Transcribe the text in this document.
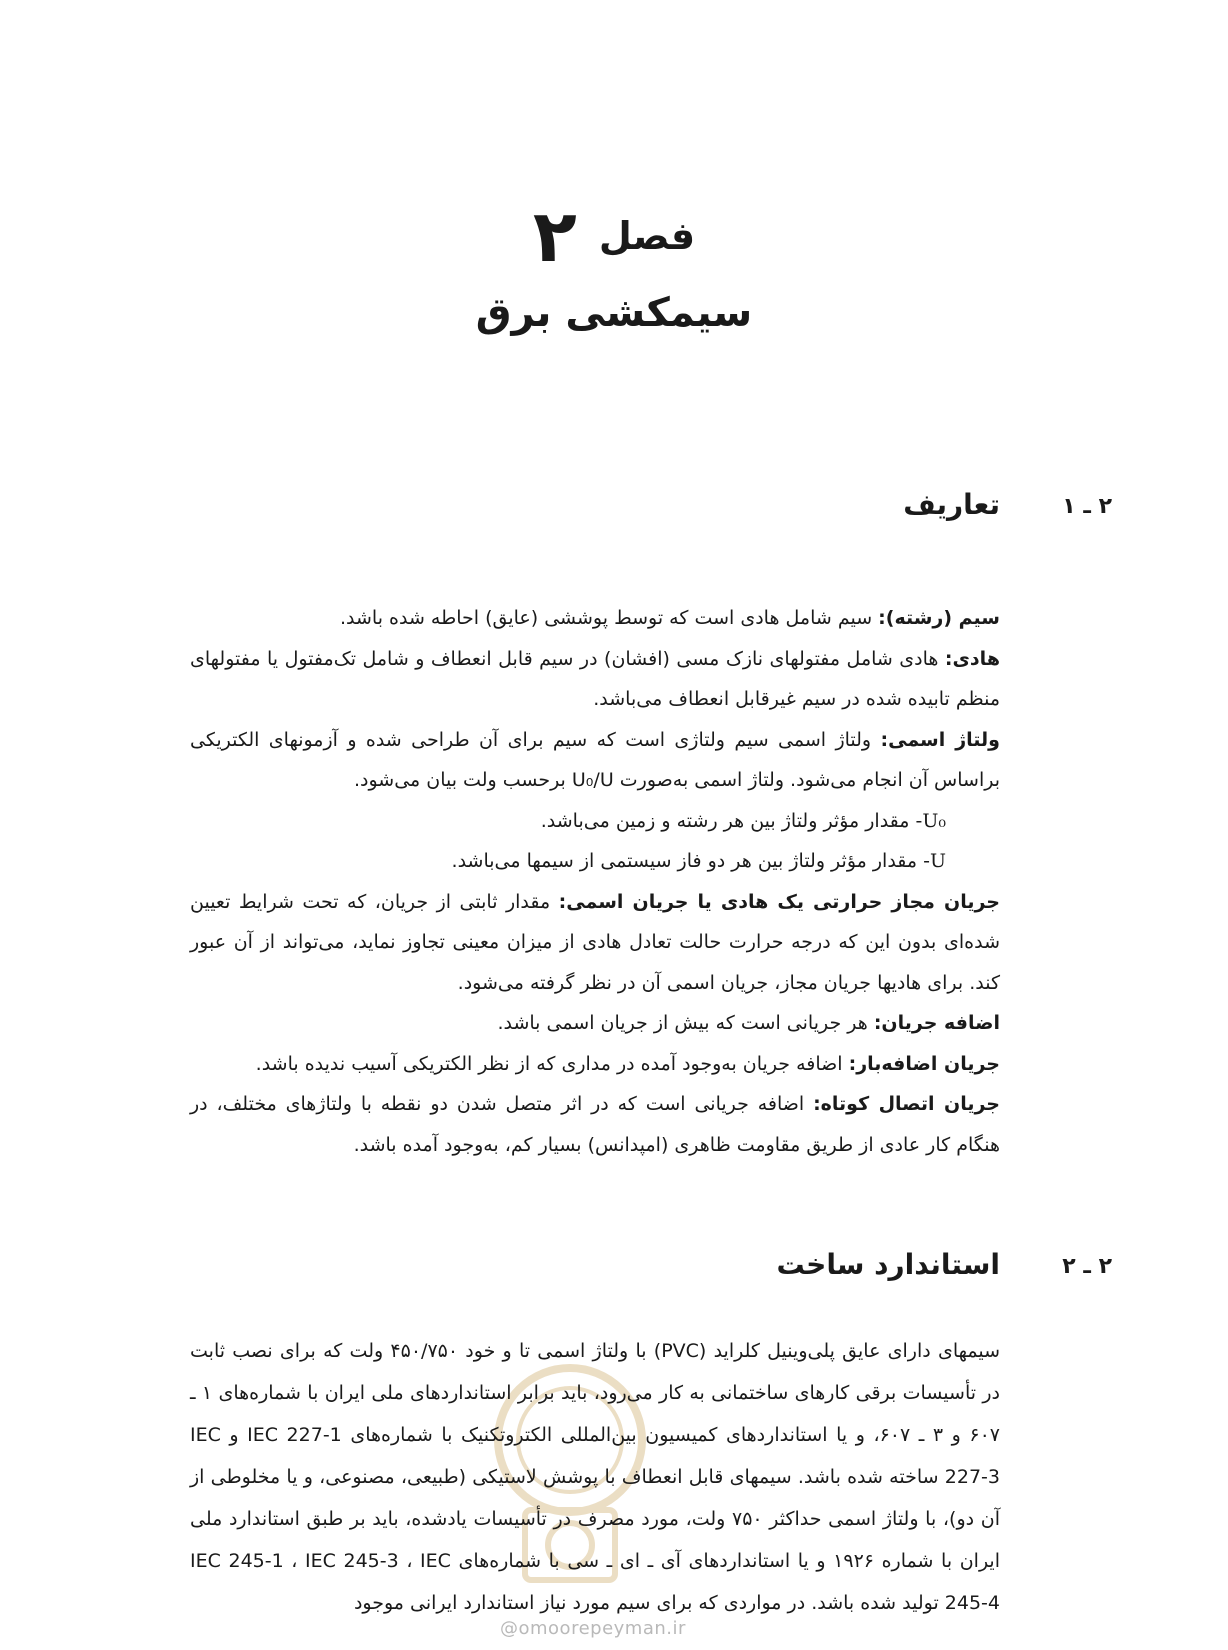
فصل
۲
سیمکشی برق
۲ ـ ۱
تعاریف

سیم (رشته): سیم شامل هادی است که توسط پوششی (عایق) احاطه شده باشد.

هادی: هادی شامل مفتولهای نازک مسی (افشان) در سیم قابل انعطاف و شامل تک‌مفتول یا مفتولهای منظم تابیده شده در سیم غیرقابل انعطاف می‌باشد.

ولتاژ اسمی: ولتاژ اسمی سیم ولتاژی است که سیم برای آن طراحی شده و آزمونهای الکتریکی براساس آن انجام می‌شود. ولتاژ اسمی به‌صورت U₀/U برحسب ولت بیان می‌شود.

U₀- مقدار مؤثر ولتاژ بین هر رشته و زمین می‌باشد.

U- مقدار مؤثر ولتاژ بین هر دو فاز سیستمی از سیمها می‌باشد.

جریان مجاز حرارتی یک هادی یا جریان اسمی: مقدار ثابتی از جریان، که تحت شرایط تعیین شده‌ای بدون این که درجه حرارت حالت تعادل هادی از میزان معینی تجاوز نماید، می‌تواند از آن عبور کند. برای هادیها جریان مجاز، جریان اسمی آن در نظر گرفته می‌شود.

اضافه جریان: هر جریانی است که بیش از جریان اسمی باشد.

جریان اضافه‌بار: اضافه جریان به‌وجود آمده در مداری که از نظر الکتریکی آسیب ندیده باشد.

جریان اتصال کوتاه: اضافه جریانی است که در اثر متصل شدن دو نقطه با ولتاژهای مختلف، در هنگام کار عادی از طریق مقاومت ظاهری (امپدانس) بسیار کم، به‌وجود آمده باشد.

۲ ـ ۲
استاندارد ساخت
سیمهای دارای عایق پلی‌وینیل کلراید (PVC) با ولتاژ اسمی تا و خود ۴۵۰/۷۵۰ ولت که برای نصب ثابت در تأسیسات برقی کارهای ساختمانی به کار می‌رود، باید برابر استانداردهای ملی ایران با شماره‌های ۱ ـ ۶۰۷ و ۳ ـ ۶۰۷، و یا استانداردهای کمیسیون بین‌المللی الکتروتکنیک با شماره‌های IEC 227-1 و IEC 227-3 ساخته شده باشد. سیمهای قابل انعطاف با پوشش لاستیکی (طبیعی، مصنوعی، و یا مخلوطی از آن دو)، با ولتاژ اسمی حداکثر ۷۵۰ ولت، مورد مصرف در تأسیسات یادشده، باید بر طبق استاندارد ملی ایران با شماره ۱۹۲۶ و یا استانداردهای آی ـ ای ـ سی با شماره‌های IEC 245-1 ، IEC 245-3 ، IEC 245-4 تولید شده باشد. در مواردی که برای سیم مورد نیاز استاندارد ایرانی موجود
@omoorepeyman.ir
